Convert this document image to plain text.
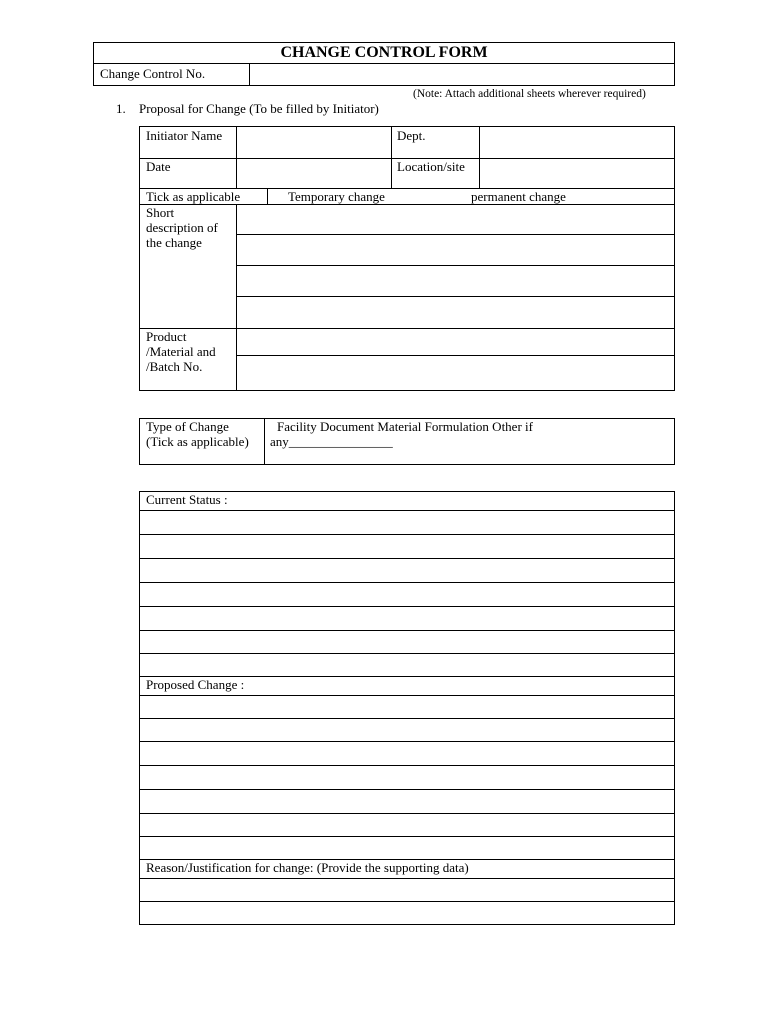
CHANGE CONTROL FORM
Change Control No.
(Note: Attach additional sheets wherever required)
1. Proposal for Change (To be filled by Initiator)
Initiator Name	Dept.
Date	Location/site
Tick as applicable	Temporary change	permanent change
Short description of the change
Product /Material and /Batch No.
Type of Change (Tick as applicable)
Facility Document Material Formulation Other if
any________________
Current Status :
Proposed Change :
Reason/Justification for change: (Provide the supporting data)
